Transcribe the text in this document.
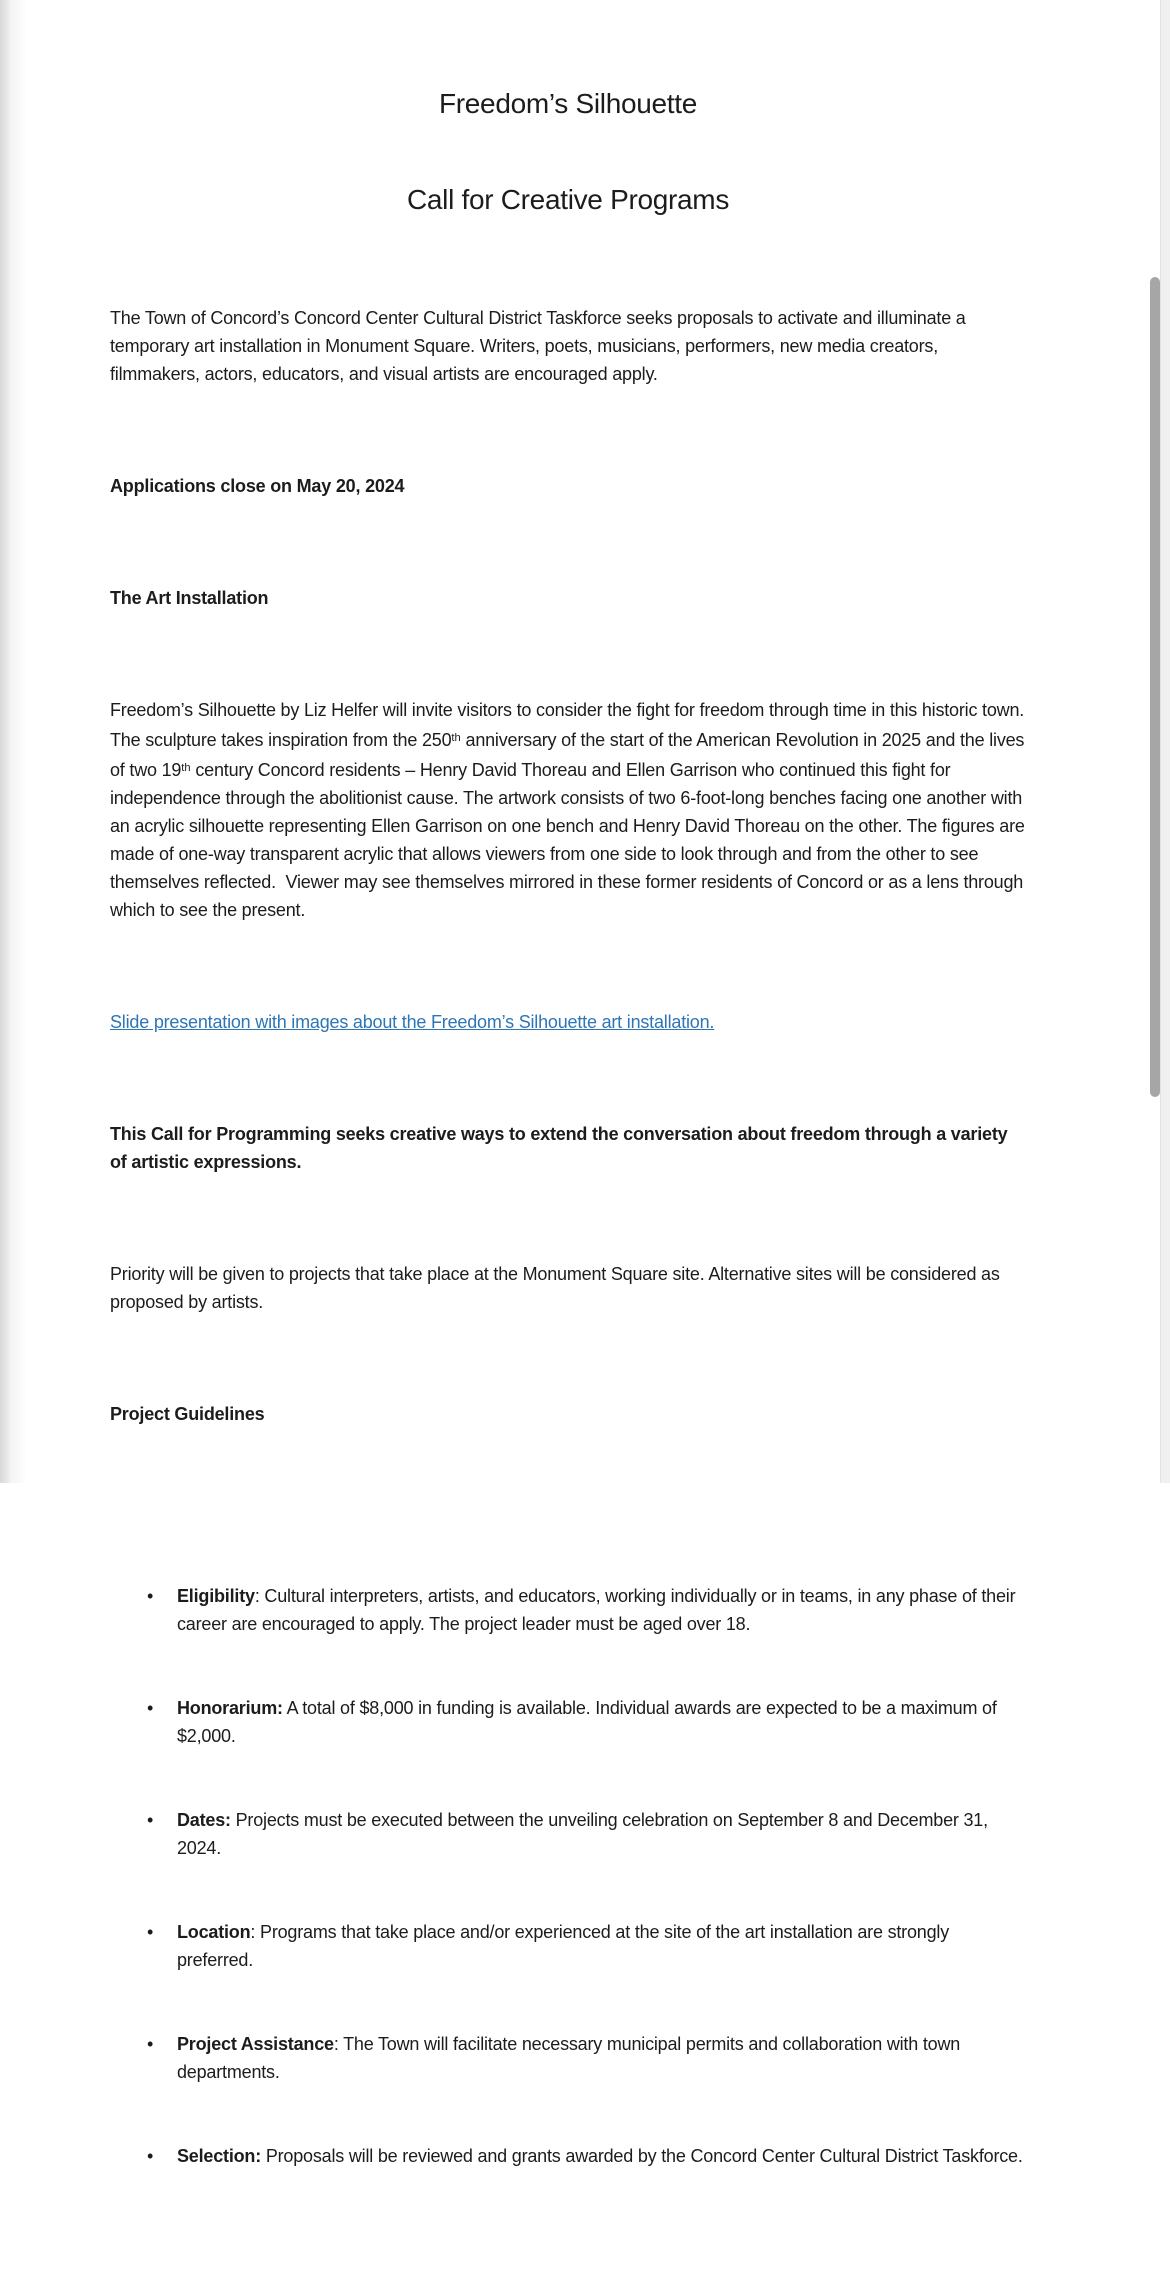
Freedom’s Silhouette

Call for Creative Programs

The Town of Concord’s Concord Center Cultural District Taskforce seeks proposals to activate and illuminate a temporary art installation in Monument Square. Writers, poets, musicians, performers, new media creators, filmmakers, actors, educators, and visual artists are encouraged apply.

Applications close on May 20, 2024

The Art Installation

Freedom’s Silhouette by Liz Helfer will invite visitors to consider the fight for freedom through time in this historic town. The sculpture takes inspiration from the 250th anniversary of the start of the American Revolution in 2025 and the lives of two 19th century Concord residents – Henry David Thoreau and Ellen Garrison who continued this fight for independence through the abolitionist cause. The artwork consists of two 6-foot-long benches facing one another with an acrylic silhouette representing Ellen Garrison on one bench and Henry David Thoreau on the other. The figures are made of one-way transparent acrylic that allows viewers from one side to look through and from the other to see themselves reflected.  Viewer may see themselves mirrored in these former residents of Concord or as a lens through which to see the present.

Slide presentation with images about the Freedom’s Silhouette art installation.

This Call for Programming seeks creative ways to extend the conversation about freedom through a variety of artistic expressions.

Priority will be given to projects that take place at the Monument Square site. Alternative sites will be considered as proposed by artists.

Project Guidelines

• Eligibility: Cultural interpreters, artists, and educators, working individually or in teams, in any phase of their career are encouraged to apply. The project leader must be aged over 18.

• Honorarium: A total of $8,000 in funding is available. Individual awards are expected to be a maximum of $2,000.

• Dates: Projects must be executed between the unveiling celebration on September 8 and December 31, 2024.

• Location: Programs that take place and/or experienced at the site of the art installation are strongly preferred.

• Project Assistance: The Town will facilitate necessary municipal permits and collaboration with town departments.

• Selection: Proposals will be reviewed and grants awarded by the Concord Center Cultural District Taskforce.
